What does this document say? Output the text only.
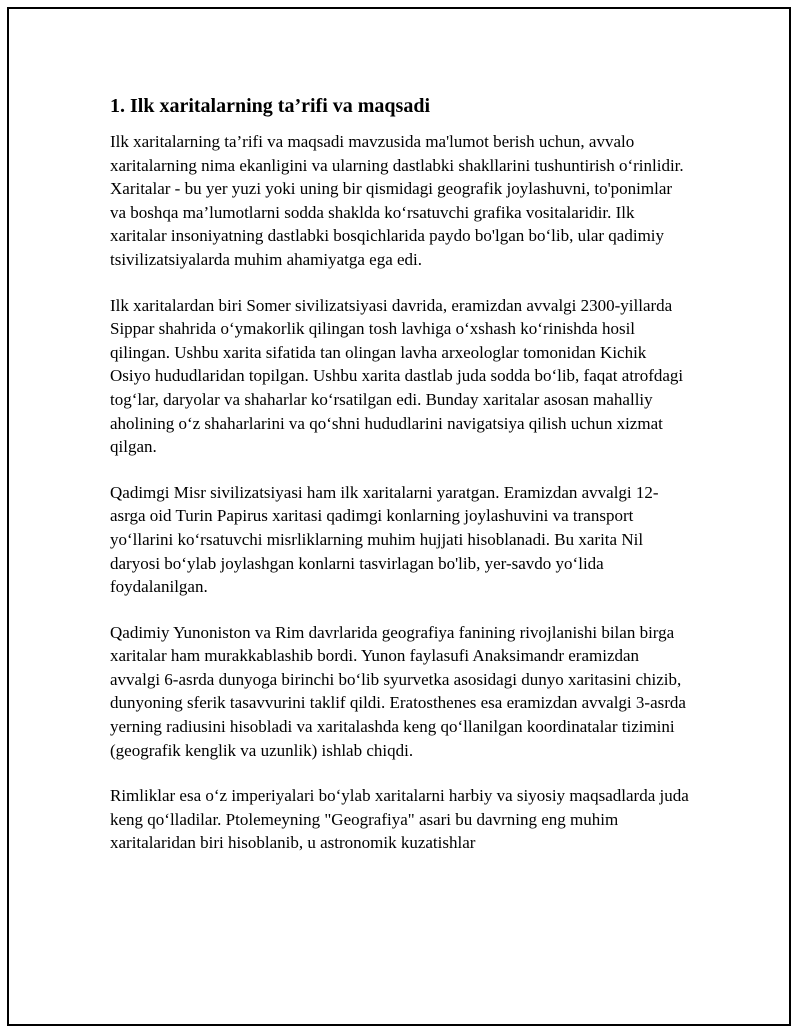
1. Ilk xaritalarning ta’rifi va maqsadi

Ilk xaritalarning ta’rifi va maqsadi mavzusida ma'lumot berish uchun, avvalo xaritalarning nima ekanligini va ularning dastlabki shakllarini tushuntirish o‘rinlidir. Xaritalar - bu yer yuzi yoki uning bir qismidagi geografik joylashuvni, to'ponimlar va boshqa ma’lumotlarni sodda shaklda ko‘rsatuvchi grafika vositalaridir. Ilk xaritalar insoniyatning dastlabki bosqichlarida paydo bo'lgan bo‘lib, ular qadimiy tsivilizatsiyalarda muhim ahamiyatga ega edi.

Ilk xaritalardan biri Somer sivilizatsiyasi davrida, eramizdan avvalgi 2300-yillarda Sippar shahrida o‘ymakorlik qilingan tosh lavhiga o‘xshash ko‘rinishda hosil qilingan. Ushbu xarita sifatida tan olingan lavha arxeologlar tomonidan Kichik Osiyo hududlaridan topilgan. Ushbu xarita dastlab juda sodda bo‘lib, faqat atrofdagi tog‘lar, daryolar va shaharlar ko‘rsatilgan edi. Bunday xaritalar asosan mahalliy aholining o‘z shaharlarini va qo‘shni hududlarini navigatsiya qilish uchun xizmat qilgan.

Qadimgi Misr sivilizatsiyasi ham ilk xaritalarni yaratgan. Eramizdan avvalgi 12-asrga oid Turin Papirus xaritasi qadimgi konlarning joylashuvini va transport yo‘llarini ko‘rsatuvchi misrliklarning muhim hujjati hisoblanadi. Bu xarita Nil daryosi bo‘ylab joylashgan konlarni tasvirlagan bo'lib, yer-savdo yo‘lida foydalanilgan.

Qadimiy Yunoniston va Rim davrlarida geografiya fanining rivojlanishi bilan birga xaritalar ham murakkablashib bordi. Yunon faylasufi Anaksimandr eramizdan avvalgi 6-asrda dunyoga birinchi bo‘lib syurvetka asosidagi dunyo xaritasini chizib, dunyoning sferik tasavvurini taklif qildi. Eratosthenes esa eramizdan avvalgi 3-asrda yerning radiusini hisobladi va xaritalashda keng qo‘llanilgan koordinatalar tizimini (geografik kenglik va uzunlik) ishlab chiqdi.

Rimliklar esa o‘z imperiyalari bo‘ylab xaritalarni harbiy va siyosiy maqsadlarda juda keng qo‘lladilar. Ptolemeyning "Geografiya" asari bu davrning eng muhim xaritalaridan biri hisoblanib, u astronomik kuzatishlar
